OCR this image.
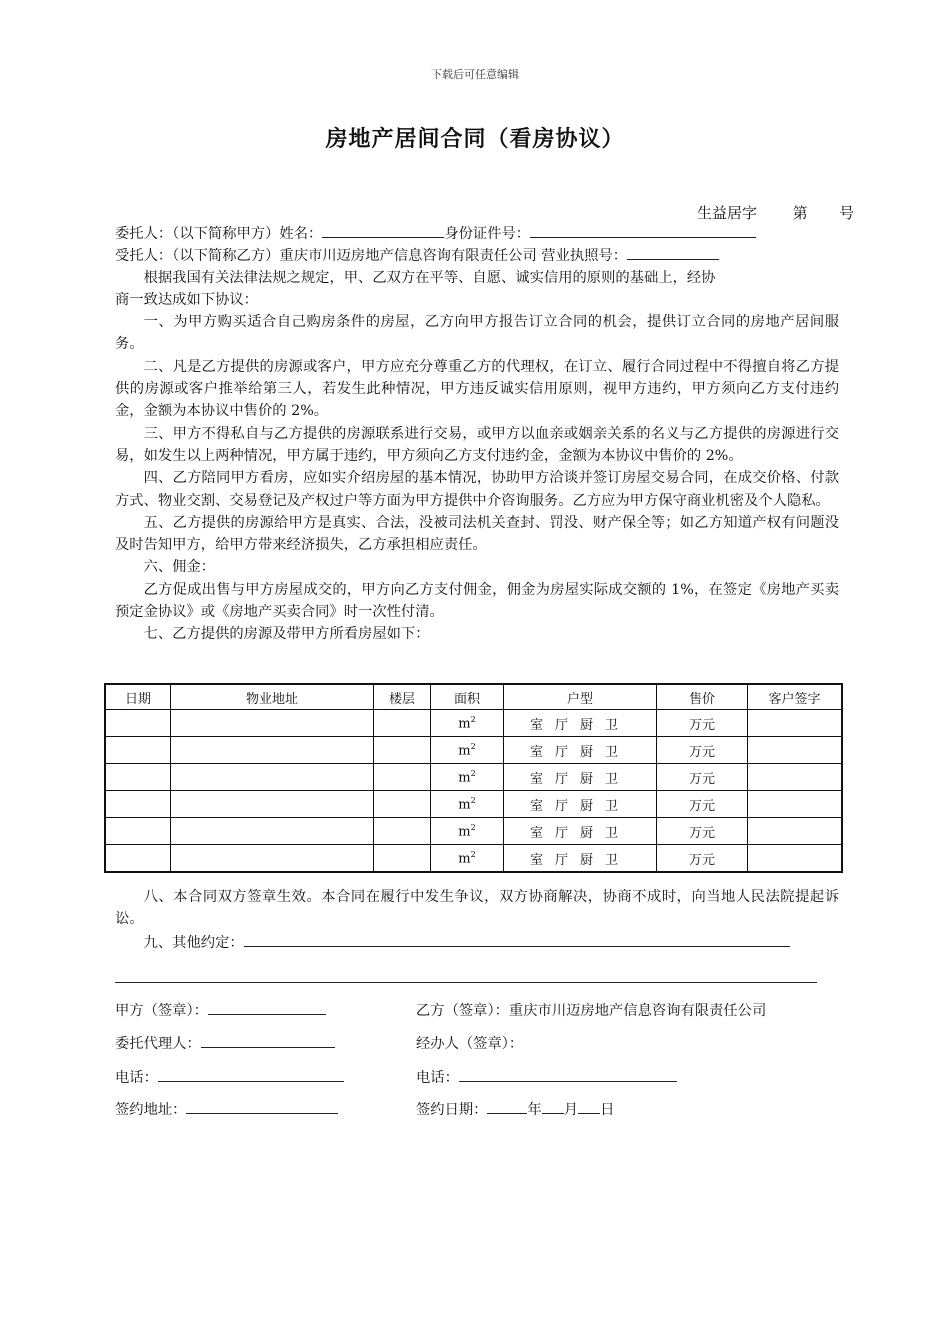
下载后可任意编辑
房地产居间合同（看房协议）
生益居字 第 号
委托人：（以下简称甲方）姓名：	身份证件号：
受托人：（以下简称乙方）重庆市川迈房地产信息咨询有限责任公司 营业执照号：
根据我国有关法律法规之规定，甲、乙双方在平等、自愿、诚实信用的原则的基础上，经协
商一致达成如下协议：
一、为甲方购买适合自己购房条件的房屋，乙方向甲方报告订立合同的机会，提供订立合同的房地产居间服务。
二、凡是乙方提供的房源或客户，甲方应充分尊重乙方的代理权，在订立、履行合同过程中不得擅自将乙方提供的房源或客户推举给第三人，若发生此种情况，甲方违反诚实信用原则，视甲方违约，甲方须向乙方支付违约金，金额为本协议中售价的 2%。
三、甲方不得私自与乙方提供的房源联系进行交易，或甲方以血亲或姻亲关系的名义与乙方提供的房源进行交易，如发生以上两种情况，甲方属于违约，甲方须向乙方支付违约金，金额为本协议中售价的 2%。
四、乙方陪同甲方看房，应如实介绍房屋的基本情况，协助甲方洽谈并签订房屋交易合同，在成交价格、付款方式、物业交割、交易登记及产权过户等方面为甲方提供中介咨询服务。乙方应为甲方保守商业机密及个人隐私。
五、乙方提供的房源给甲方是真实、合法，没被司法机关查封、罚没、财产保全等；如乙方知道产权有问题没及时告知甲方，给甲方带来经济损失，乙方承担相应责任。
六、佣金：
乙方促成出售与甲方房屋成交的，甲方向乙方支付佣金，佣金为房屋实际成交额的 1%，在签定《房地产买卖预定金协议》或《房地产买卖合同》时一次性付清。
七、乙方提供的房源及带甲方所看房屋如下：
日期	物业地址	楼层	面积	户型	售价	客户签字
			$m^2$	室 厅 厨 卫	万元	
			$m^2$	室 厅 厨 卫	万元	
			$m^2$	室 厅 厨 卫	万元	
			$m^2$	室 厅 厨 卫	万元	
			$m^2$	室 厅 厨 卫	万元	
			$m^2$	室 厅 厨 卫	万元	
八、本合同双方签章生效。本合同在履行中发生争议，双方协商解决，协商不成时，向当地人民法院提起诉讼。
九、其他约定：
甲方（签章）：	乙方（签章）：重庆市川迈房地产信息咨询有限责任公司
委托代理人：	经办人（签章）：
电话：	电话：
签约地址：	签约日期：	年 月 日
